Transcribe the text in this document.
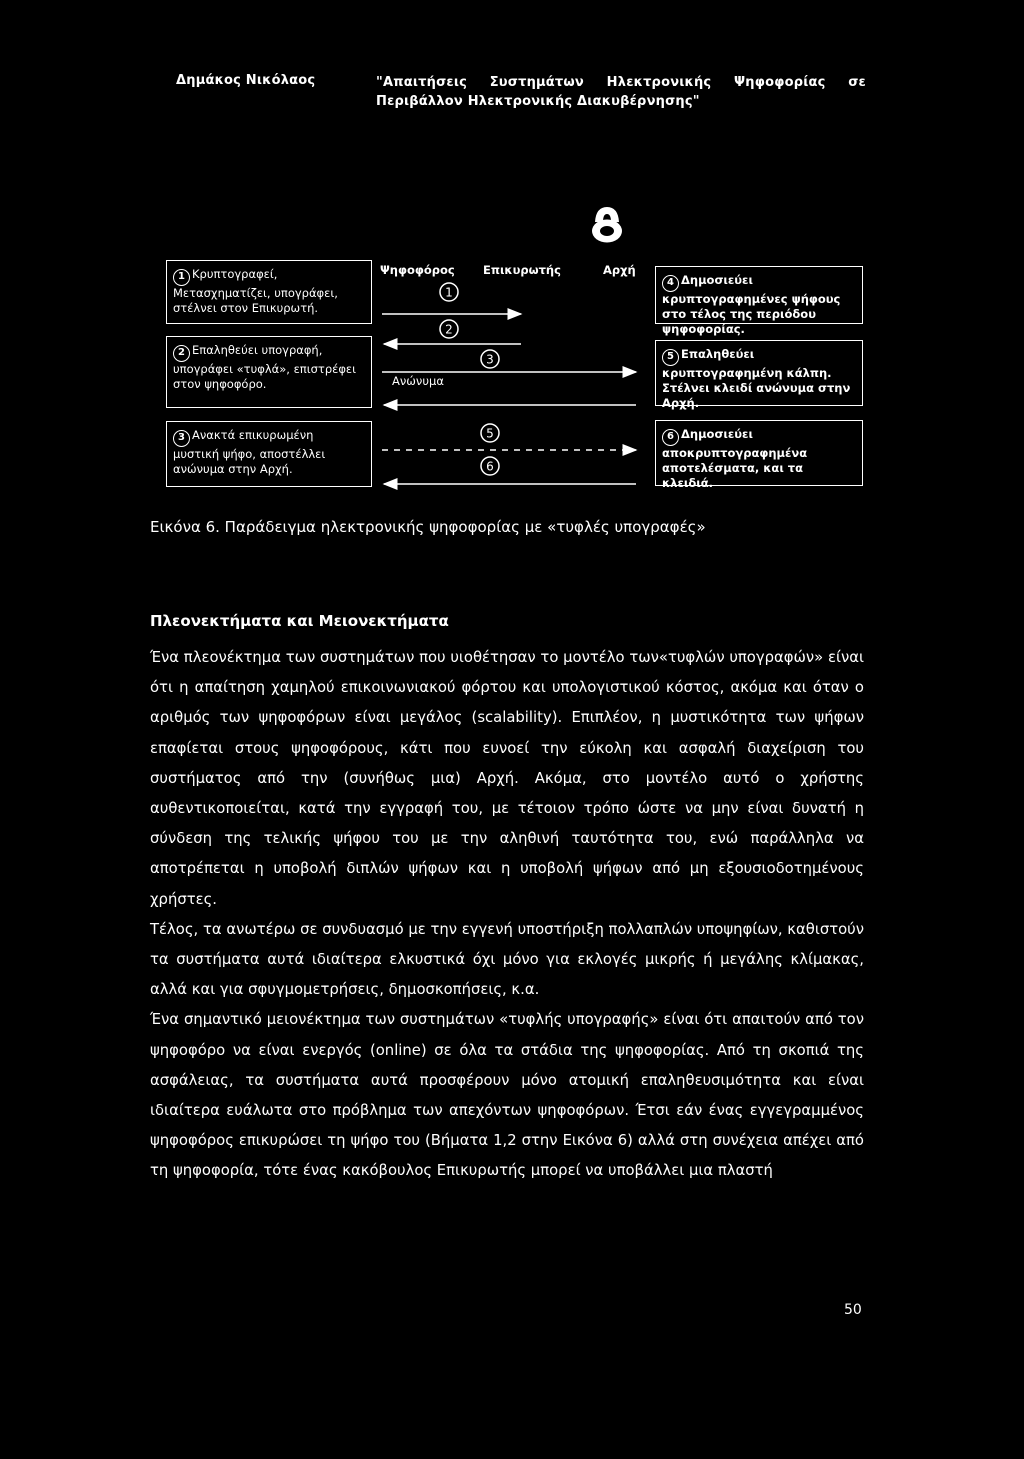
Δημάκος Νικόλαος	"Απαιτήσεις Συστημάτων Ηλεκτρονικής Ψηφοφορίας σε
Περιβάλλον Ηλεκτρονικής Διακυβέρνησης"
1 Κρυπτογραφεί, Μετασχηματίζει, υπογράφει, στέλνει στον Επικυρωτή.
2 Επαληθεύει υπογραφή, υπογράφει «τυφλά», επιστρέφει στον ψηφοφόρο.
3 Ανακτά επικυρωμένη μυστική ψήφο, αποστέλλει ανώνυμα στην Αρχή.
4 Δημοσιεύει κρυπτογραφημένες ψήφους στο τέλος της περιόδου ψηφοφορίας.
5 Επαληθεύει κρυπτογραφημένη κάλπη. Στέλνει κλειδί ανώνυμα στην Αρχή.
6 Δημοσιεύει αποκρυπτογραφημένα αποτελέσματα, και τα κλειδιά.
Ψηφοφόρος Επικυρωτής	Αρχή
Ανώνυμα
1
2
3
5
6
Εικόνα 6. Παράδειγμα ηλεκτρονικής ψηφοφορίας με «τυφλές υπογραφές»
Πλεονεκτήματα και Μειονεκτήματα

Ένα πλεονέκτημα των συστημάτων που υιοθέτησαν το μοντέλο των«τυφλών υπογραφών» είναι ότι η απαίτηση χαμηλού επικοινωνιακού φόρτου και υπολογιστικού κόστος, ακόμα και όταν ο αριθμός των ψηφοφόρων είναι μεγάλος (scalability). Επιπλέον, η μυστικότητα των ψήφων επαφίεται στους ψηφοφόρους, κάτι που ευνοεί την εύκολη και ασφαλή διαχείριση του συστήματος από την (συνήθως μια) Αρχή. Ακόμα, στο μοντέλο αυτό ο χρήστης αυθεντικοποιείται, κατά την εγγραφή του, με τέτοιον τρόπο ώστε να μην είναι δυνατή η σύνδεση της τελικής ψήφου του με την αληθινή ταυτότητα του, ενώ παράλληλα να αποτρέπεται η υποβολή διπλών ψήφων και η υποβολή ψήφων από μη εξουσιοδοτημένους χρήστες.

Τέλος, τα ανωτέρω σε συνδυασμό με την εγγενή υποστήριξη πολλαπλών υποψηφίων, καθιστούν τα συστήματα αυτά ιδιαίτερα ελκυστικά όχι μόνο για εκλογές μικρής ή μεγάλης κλίμακας, αλλά και για σφυγμομετρήσεις, δημοσκοπήσεις, κ.α.

Ένα σημαντικό μειονέκτημα των συστημάτων «τυφλής υπογραφής» είναι ότι απαιτούν από τον ψηφοφόρο να είναι ενεργός (online) σε όλα τα στάδια της ψηφοφορίας. Από τη σκοπιά της ασφάλειας, τα συστήματα αυτά προσφέρουν μόνο ατομική επαληθευσιμότητα και είναι ιδιαίτερα ευάλωτα στο πρόβλημα των απεχόντων ψηφοφόρων. Έτσι εάν ένας εγγεγραμμένος ψηφοφόρος επικυρώσει τη ψήφο του (Βήματα 1,2 στην Εικόνα 6) αλλά στη συνέχεια απέχει από τη ψηφοφορία, τότε ένας κακόβουλος Επικυρωτής μπορεί να υποβάλλει μια πλαστή

50
